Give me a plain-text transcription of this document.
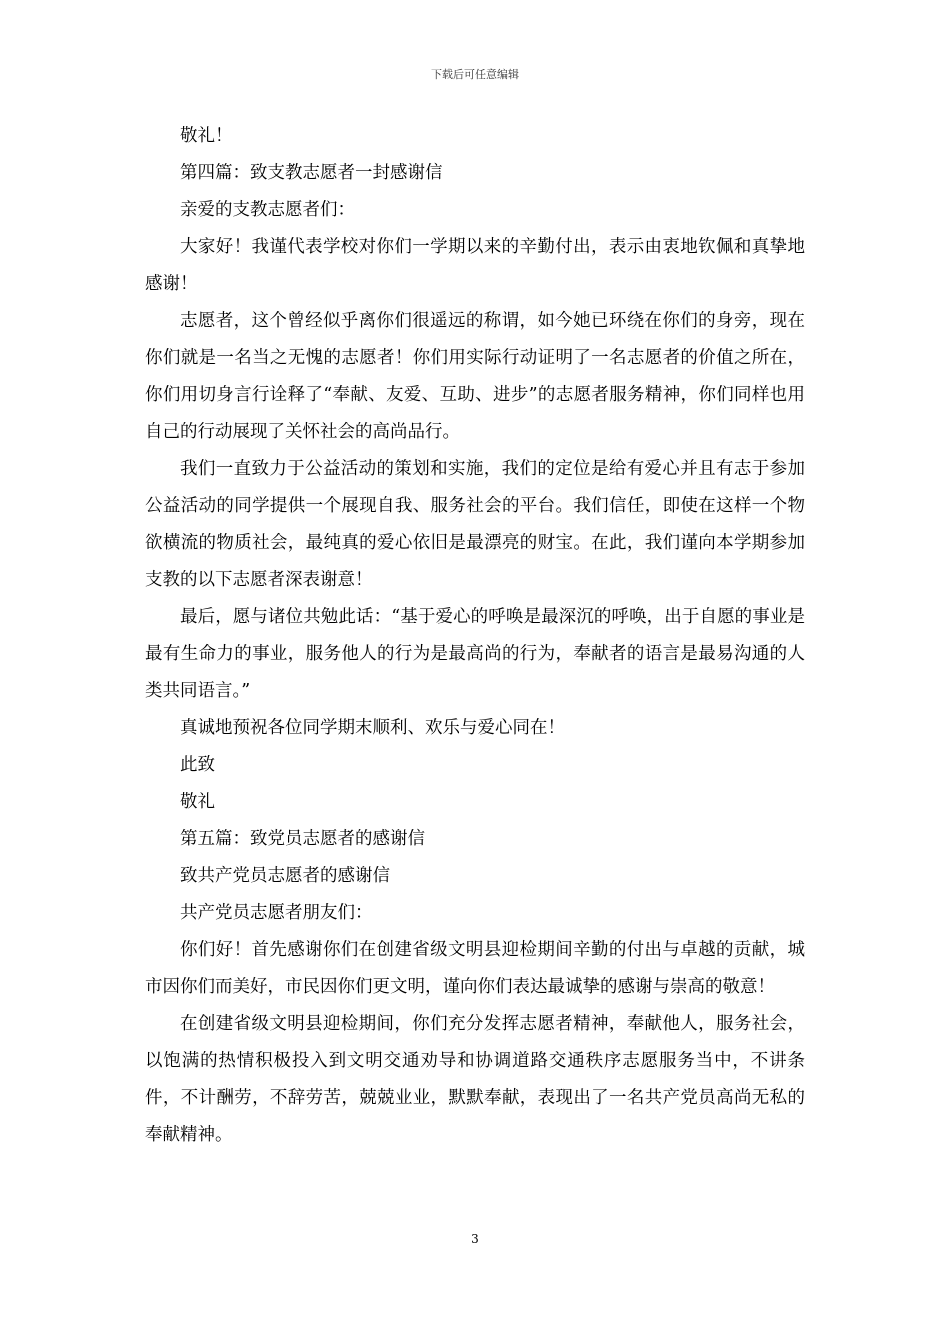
下载后可任意编辑

敬礼！

第四篇：致支教志愿者一封感谢信

亲爱的支教志愿者们：

大家好！我谨代表学校对你们一学期以来的辛勤付出，表示由衷地钦佩和真挚地感谢！

志愿者，这个曾经似乎离你们很遥远的称谓，如今她已环绕在你们的身旁，现在你们就是一名当之无愧的志愿者！你们用实际行动证明了一名志愿者的价值之所在，你们用切身言行诠释了“奉献、友爱、互助、进步”的志愿者服务精神，你们同样也用自己的行动展现了关怀社会的高尚品行。

我们一直致力于公益活动的策划和实施，我们的定位是给有爱心并且有志于参加公益活动的同学提供一个展现自我、服务社会的平台。我们信任，即使在这样一个物欲横流的物质社会，最纯真的爱心依旧是最漂亮的财宝。在此，我们谨向本学期参加支教的以下志愿者深表谢意！

最后，愿与诸位共勉此话：“基于爱心的呼唤是最深沉的呼唤，出于自愿的事业是最有生命力的事业，服务他人的行为是最高尚的行为，奉献者的语言是最易沟通的人类共同语言。”

真诚地预祝各位同学期末顺利、欢乐与爱心同在！

此致

敬礼

第五篇：致党员志愿者的感谢信

致共产党员志愿者的感谢信

共产党员志愿者朋友们：

你们好！首先感谢你们在创建省级文明县迎检期间辛勤的付出与卓越的贡献，城市因你们而美好，市民因你们更文明，谨向你们表达最诚挚的感谢与崇高的敬意！

在创建省级文明县迎检期间，你们充分发挥志愿者精神，奉献他人，服务社会，以饱满的热情积极投入到文明交通劝导和协调道路交通秩序志愿服务当中，不讲条件，不计酬劳，不辞劳苦，兢兢业业，默默奉献，表现出了一名共产党员高尚无私的奉献精神。

3
